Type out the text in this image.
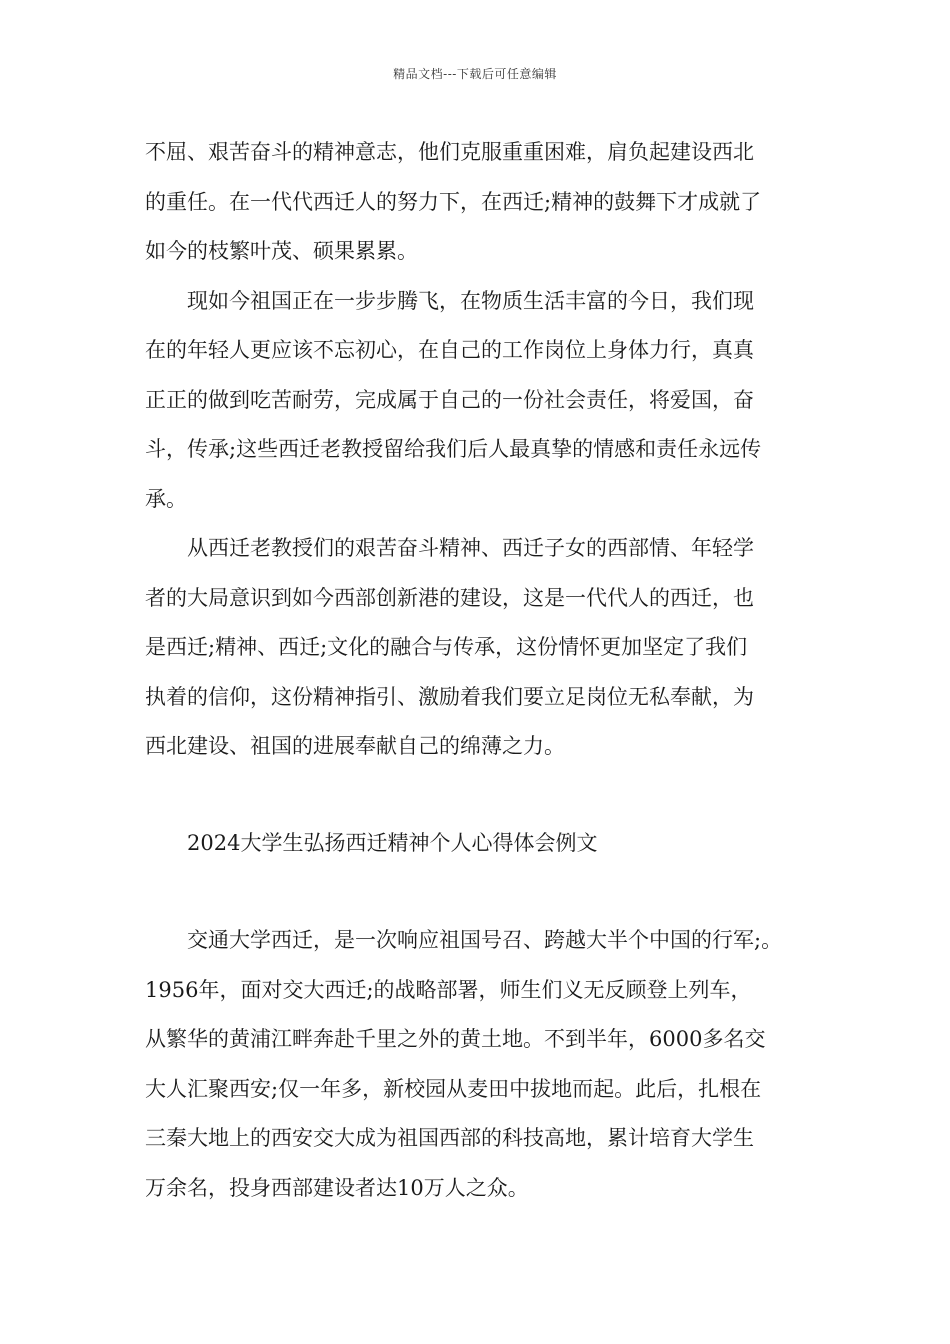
精品文档---下载后可任意编辑

不屈、艰苦奋斗的精神意志，他们克服重重困难，肩负起建设西北
的重任。在一代代西迁人的努力下，在西迁;精神的鼓舞下才成就了
如今的枝繁叶茂、硕果累累。

现如今祖国正在一步步腾飞，在物质生活丰富的今日，我们现
在的年轻人更应该不忘初心，在自己的工作岗位上身体力行，真真
正正的做到吃苦耐劳，完成属于自己的一份社会责任，将爱国，奋
斗，传承;这些西迁老教授留给我们后人最真挚的情感和责任永远传
承。

从西迁老教授们的艰苦奋斗精神、西迁子女的西部情、年轻学
者的大局意识到如今西部创新港的建设，这是一代代人的西迁，也
是西迁;精神、西迁;文化的融合与传承，这份情怀更加坚定了我们
执着的信仰，这份精神指引、激励着我们要立足岗位无私奉献，为
西北建设、祖国的进展奉献自己的绵薄之力。

2024大学生弘扬西迁精神个人心得体会例文

交通大学西迁，是一次响应祖国号召、跨越大半个中国的行军;。
1956年，面对交大西迁;的战略部署，师生们义无反顾登上列车，
从繁华的黄浦江畔奔赴千里之外的黄土地。不到半年，6000多名交
大人汇聚西安;仅一年多，新校园从麦田中拔地而起。此后，扎根在
三秦大地上的西安交大成为祖国西部的科技高地，累计培育大学生
万余名，投身西部建设者达10万人之众。
